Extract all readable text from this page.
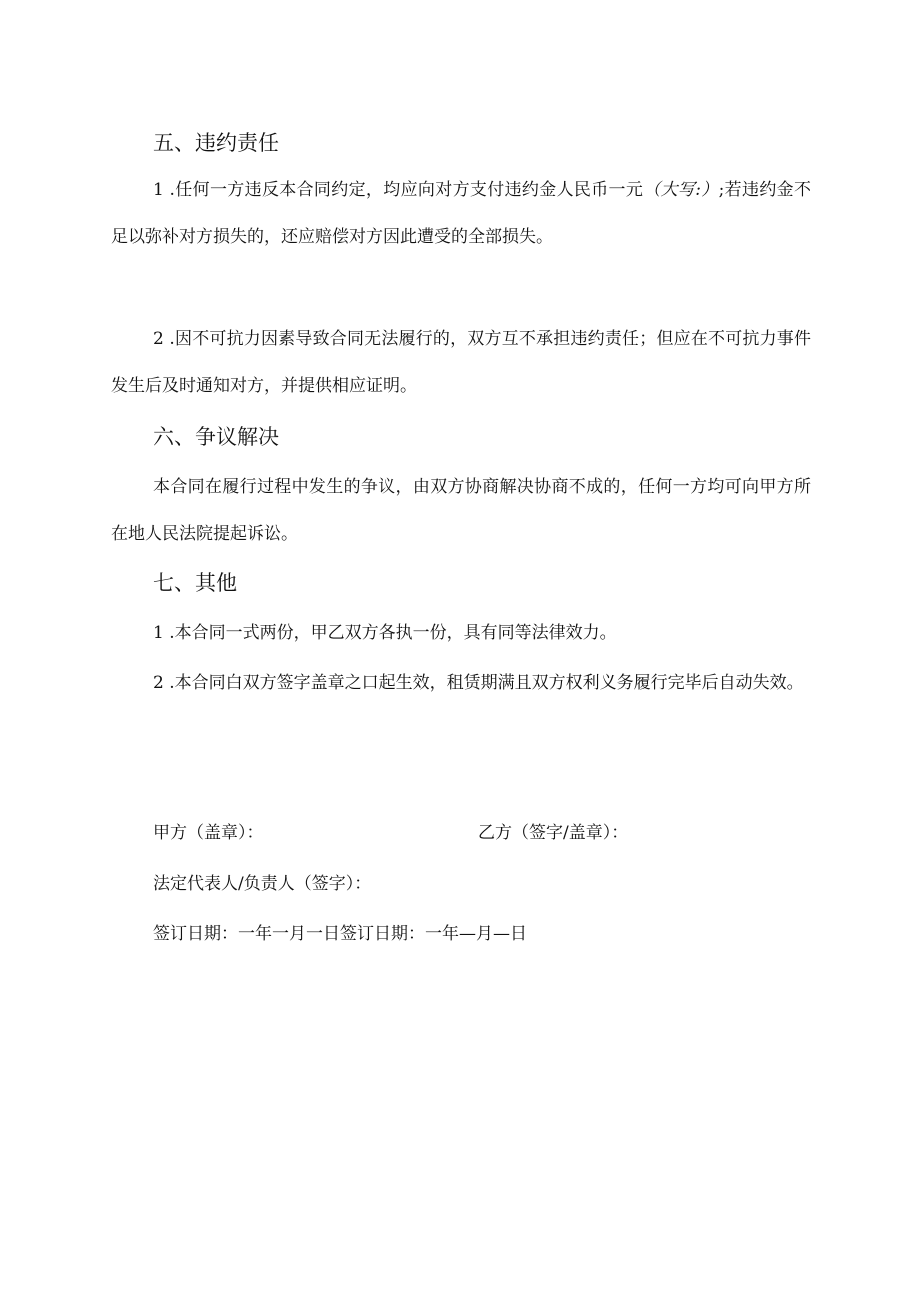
五、违约责任

1 .任何一方违反本合同约定，均应向对方支付违约金人民币一元（大写:）;若违约金不足以弥补对方损失的，还应赔偿对方因此遭受的全部损失。

2 .因不可抗力因素导致合同无法履行的，双方互不承担违约责任；但应在不可抗力事件发生后及时通知对方，并提供相应证明。

六、争议解决

本合同在履行过程中发生的争议，由双方协商解决协商不成的，任何一方均可向甲方所在地人民法院提起诉讼。

七、其他

1 .本合同一式两份，甲乙双方各执一份，具有同等法律效力。

2 .本合同白双方签字盖章之口起生效，租赁期满且双方权利义务履行完毕后自动失效。

甲方（盖章）：	乙方（签字/盖章）：
法定代表人/负责人（签字）：
签订日期：一年一月一日签订日期：一年—月—日
